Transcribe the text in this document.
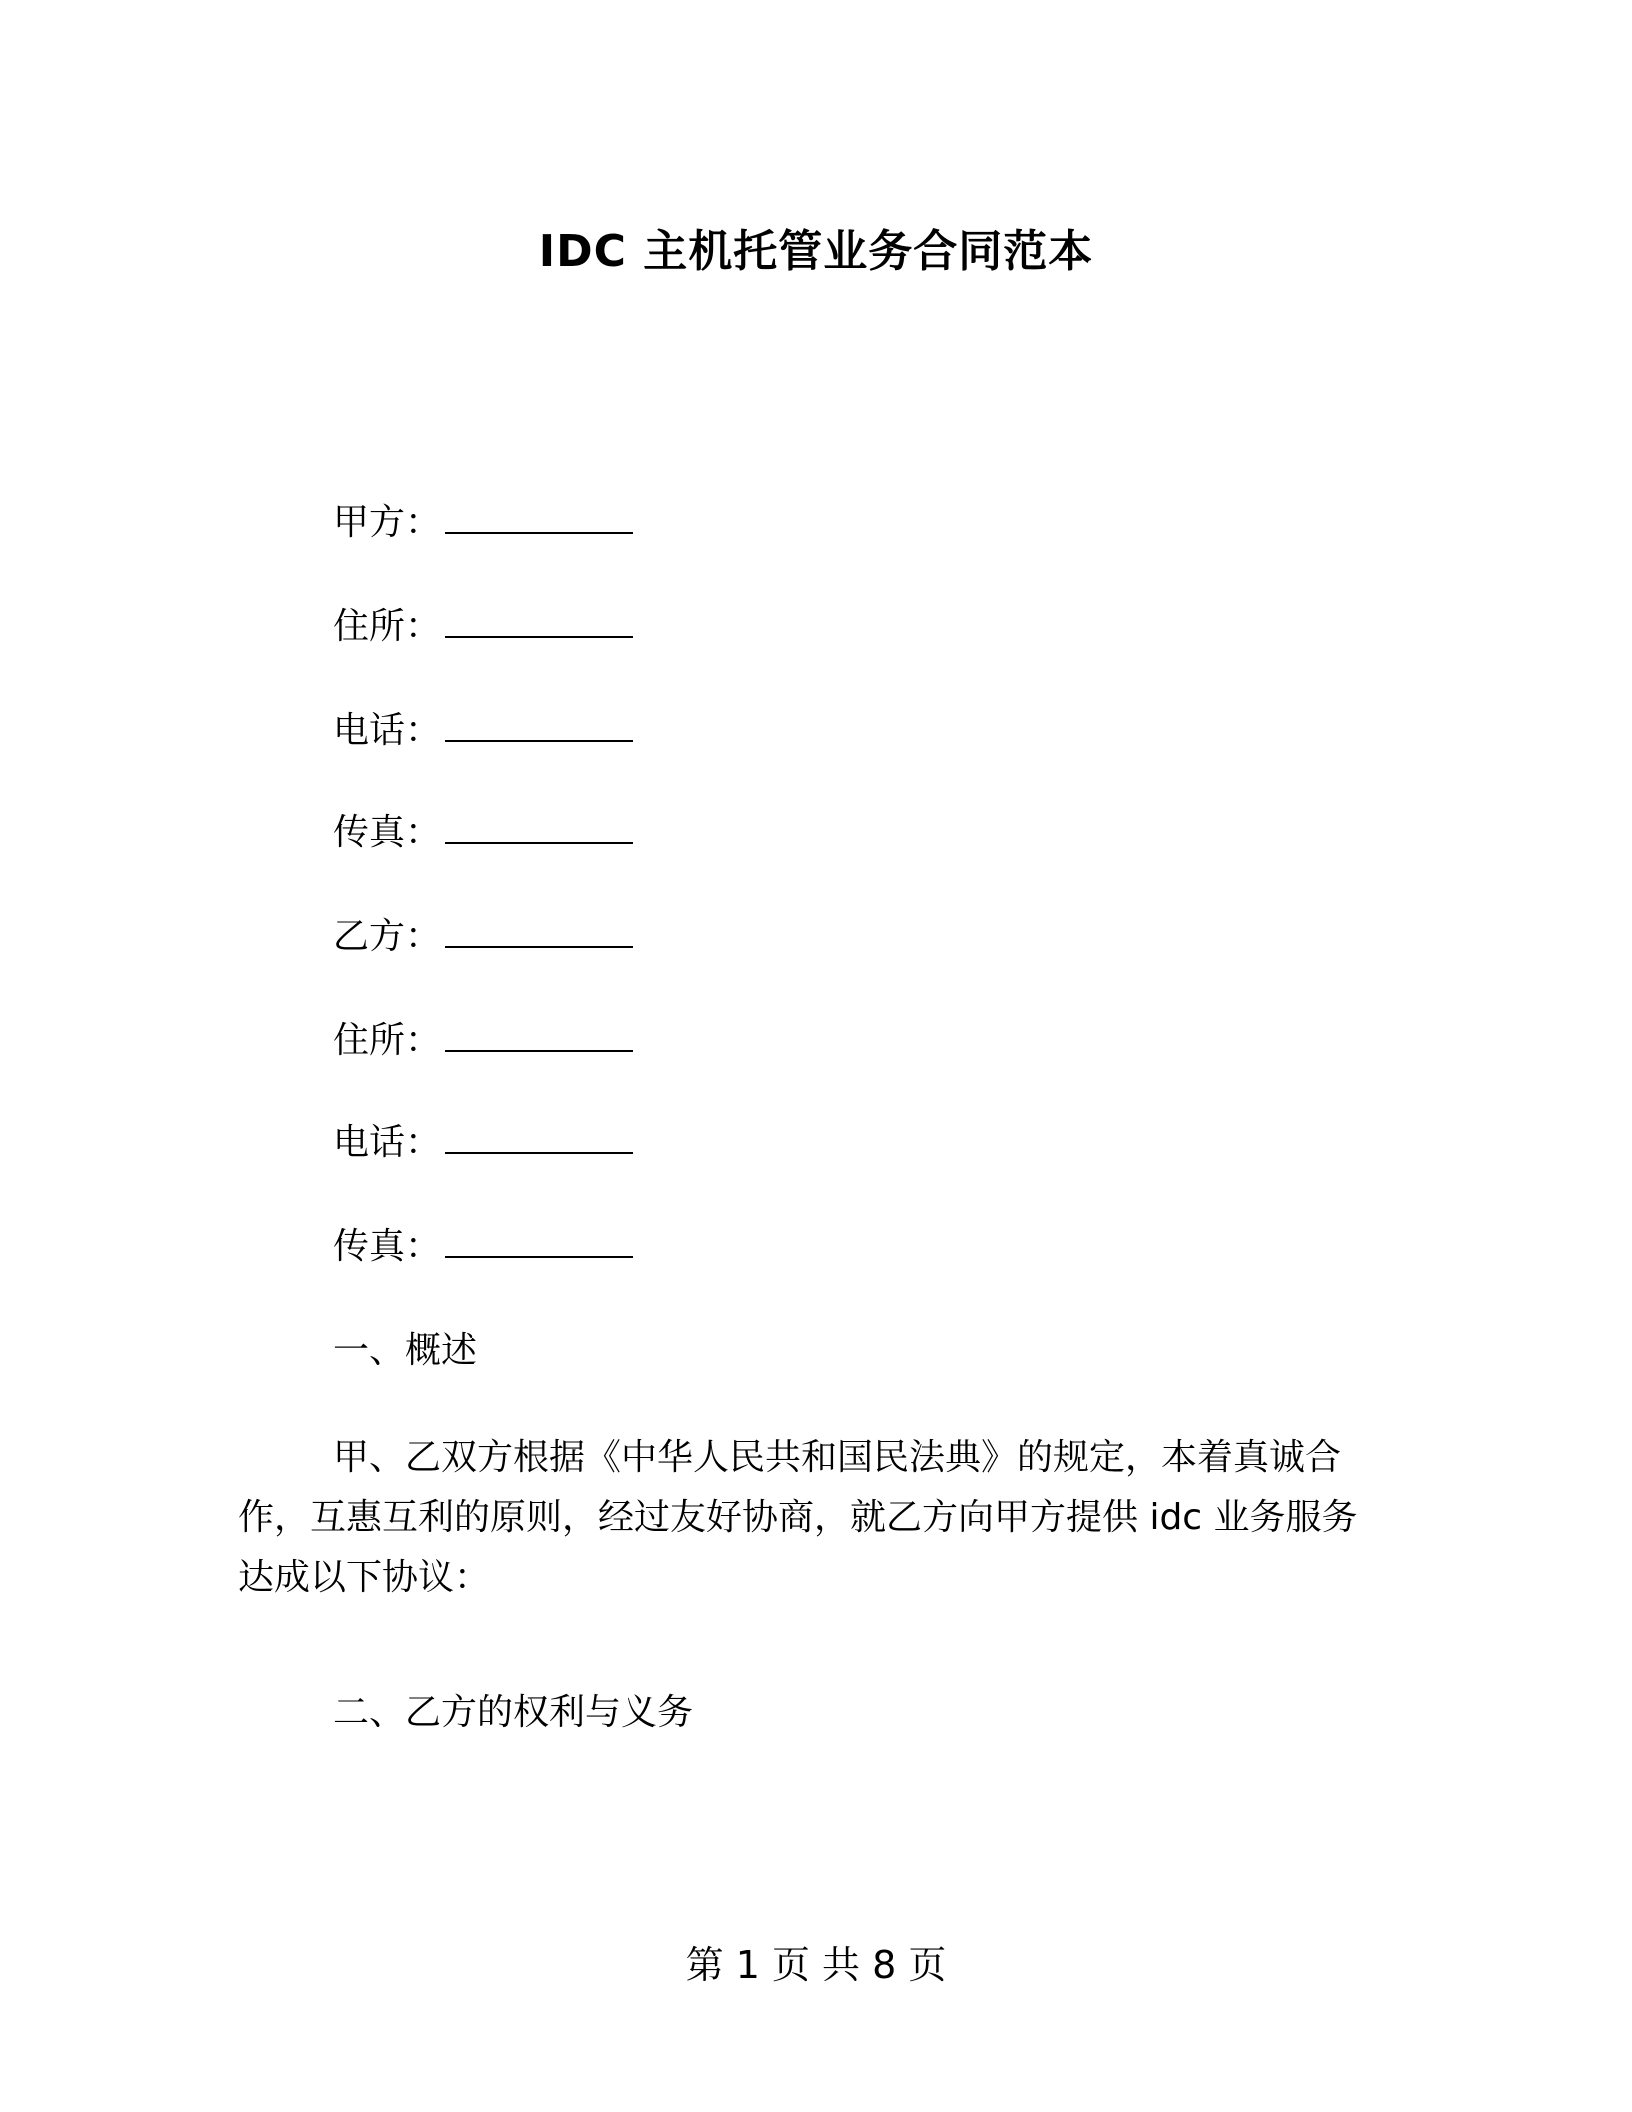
IDC 主机托管业务合同范本
甲方：
住所：
电话：
传真：
乙方：
住所：
电话：
传真：
一、概述

甲、乙双方根据《中华人民共和国民法典》的规定，本着真诚合作，互惠互利的原则，经过友好协商，就乙方向甲方提供 idc 业务服务达成以下协议：

二、乙方的权利与义务
第 1 页 共 8 页
